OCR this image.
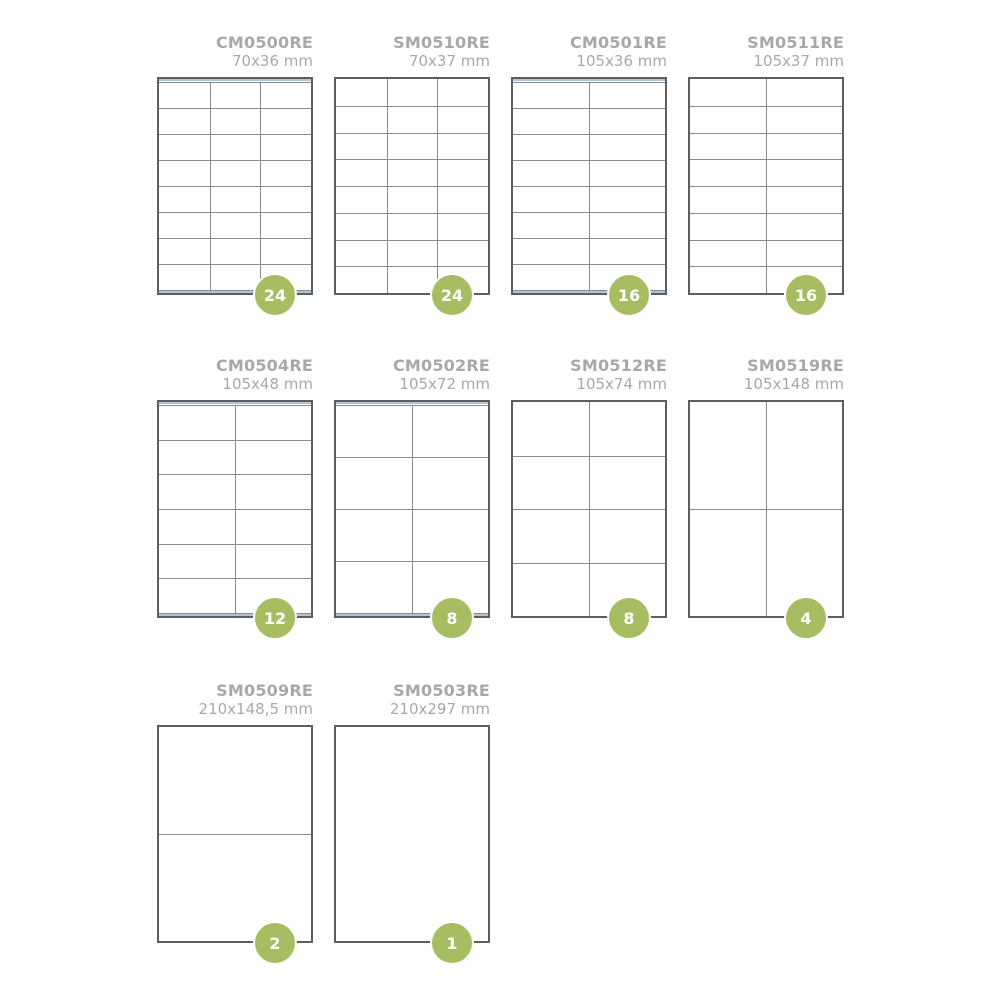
CM0500RE
70x36 mm
24
SM0510RE
70x37 mm
24
CM0501RE
105x36 mm
16
SM0511RE
105x37 mm
16
CM0504RE
105x48 mm
12
CM0502RE
105x72 mm
8
SM0512RE
105x74 mm
8
SM0519RE
105x148 mm
4
SM0509RE
210x148,5 mm
2
SM0503RE
210x297 mm
1
